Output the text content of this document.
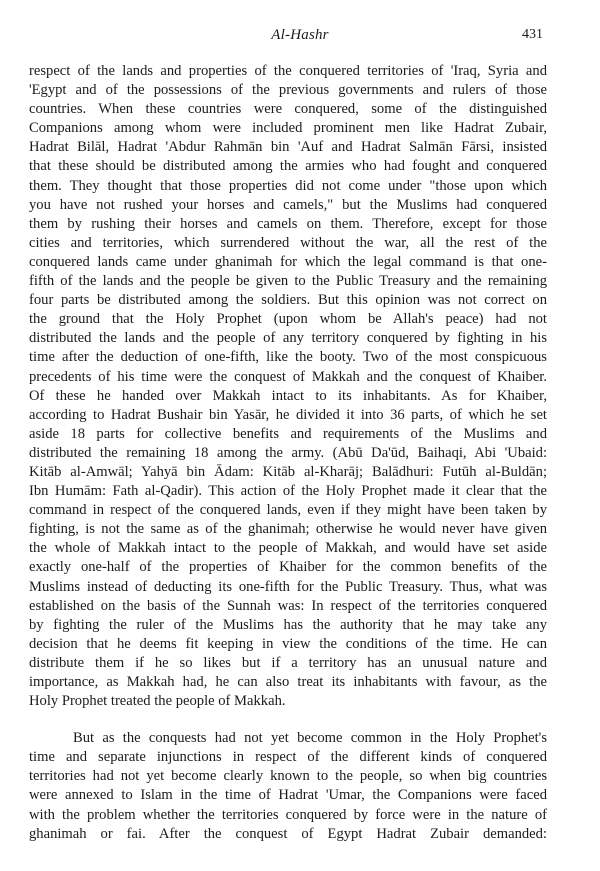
Al-Hashr	431

respect of the lands and properties of the conquered territories of 'Iraq, Syria and
'Egypt and of the possessions of the previous governments and rulers of those
countries. When these countries were conquered, some of the distinguished
Companions among whom were included prominent men like Hadrat Zubair,
Hadrat Bilāl, Hadrat 'Abdur Rahmān bin 'Auf and Hadrat Salmān Fārsi, insisted
that these should be distributed among the armies who had fought and conquered
them. They thought that those properties did not come under "those upon which
you have not rushed your horses and camels," but the Muslims had conquered
them by rushing their horses and camels on them. Therefore, except for those
cities and territories, which surrendered without the war, all the rest of the
conquered lands came under ghanimah for which the legal command is that one-
fifth of the lands and the people be given to the Public Treasury and the remaining
four parts be distributed among the soldiers. But this opinion was not correct on
the ground that the Holy Prophet (upon whom be Allah's peace) had not
distributed the lands and the people of any territory conquered by fighting in his
time after the deduction of one-fifth, like the booty. Two of the most conspicuous
precedents of his time were the conquest of Makkah and the conquest of Khaiber.
Of these he handed over Makkah intact to its inhabitants. As for Khaiber,
according to Hadrat Bushair bin Yasār, he divided it into 36 parts, of which he set
aside 18 parts for collective benefits and requirements of the Muslims and
distributed the remaining 18 among the army. (Abū Da'ūd, Baihaqi, Abi 'Ubaid:
Kitāb al-Amwāl; Yahyā bin Ādam: Kitāb al-Kharāj; Balādhuri: Futūh al-Buldān;
Ibn Humām: Fath al-Qadir). This action of the Holy Prophet made it clear that the
command in respect of the conquered lands, even if they might have been taken by
fighting, is not the same as of the ghanimah; otherwise he would never have given
the whole of Makkah intact to the people of Makkah, and would have set aside
exactly one-half of the properties of Khaiber for the common benefits of the
Muslims instead of deducting its one-fifth for the Public Treasury. Thus, what was
established on the basis of the Sunnah was: In respect of the territories conquered
by fighting the ruler of the Muslims has the authority that he may take any
decision that he deems fit keeping in view the conditions of the time. He can
distribute them if he so likes but if a territory has an unusual nature and
importance, as Makkah had, he can also treat its inhabitants with favour, as the
Holy Prophet treated the people of Makkah.

But as the conquests had not yet become common in the Holy Prophet's
time and separate injunctions in respect of the different kinds of conquered
territories had not yet become clearly known to the people, so when big countries
were annexed to Islam in the time of Hadrat 'Umar, the Companions were faced
with the problem whether the territories conquered by force were in the nature of
ghanimah or fai. After the conquest of Egypt Hadrat Zubair demanded:
